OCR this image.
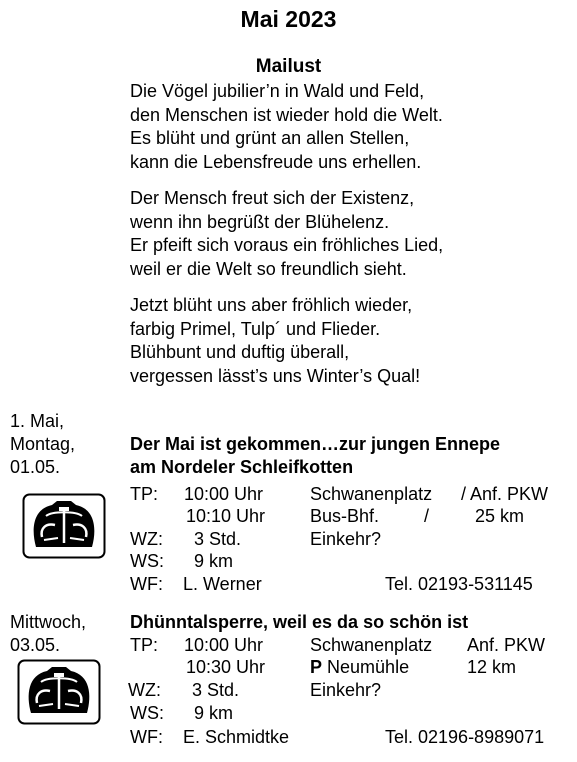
Mai 2023
Mailust
Die Vögel jubilier’n in Wald und Feld,
den Menschen ist wieder hold die Welt.
Es blüht und grünt an allen Stellen,
kann die Lebensfreude uns erhellen.
Der Mensch freut sich der Existenz,
wenn ihn begrüßt der Blühelenz.
Er pfeift sich voraus ein fröhliches Lied,
weil er die Welt so freundlich sieht.
Jetzt blüht uns aber fröhlich wieder,
farbig Primel, Tulp´ und Flieder.
Blühbunt und duftig überall,
vergessen lässt’s uns Winter’s Qual!
1. Mai,
Montag,
01.05.
Der Mai ist gekommen…zur jungen Ennepe
am Nordeler Schleifkotten
TP: 10:00 Uhr	Schwanenplatz / Anf. PKW
10:10 Uhr Bus-Bhf. /	25 km
WZ: 3 Std.	Einkehr?
WS: 9 km
WF: L. Werner	Tel. 02193-531145
Mittwoch,
03.05.
Dhünntalsperre, weil es da so schön ist
TP: 10:00 Uhr	Schwanenplatz Anf. PKW
10:30 Uhr P Neumühle	12 km
WZ: 3 Std.	Einkehr?
WS: 9 km
WF: E. Schmidtke	Tel. 02196-8989071
